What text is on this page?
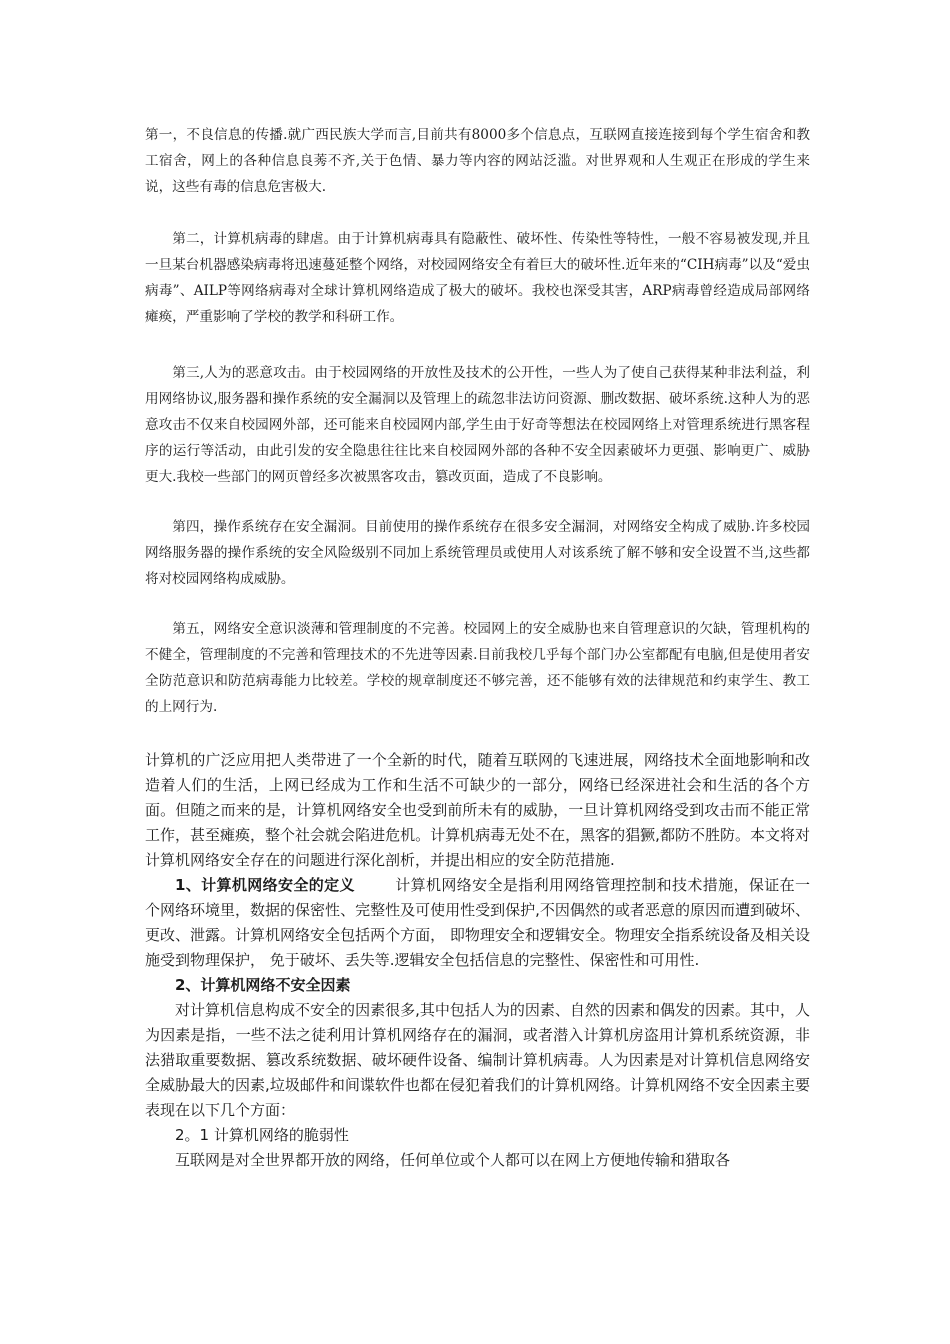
第一，不良信息的传播.就广西民族大学而言,目前共有8000多个信息点，互联网直接连接到每个学生宿舍和教工宿舍，网上的各种信息良莠不齐,关于色情、暴力等内容的网站泛滥。对世界观和人生观正在形成的学生来说，这些有毒的信息危害极大.

第二，计算机病毒的肆虐。由于计算机病毒具有隐蔽性、破坏性、传染性等特性，一般不容易被发现,并且一旦某台机器感染病毒将迅速蔓延整个网络，对校园网络安全有着巨大的破坏性.近年来的“CIH病毒”以及“爱虫病毒”、AILP等网络病毒对全球计算机网络造成了极大的破坏。我校也深受其害，ARP病毒曾经造成局部网络瘫痪，严重影响了学校的教学和科研工作。

第三,人为的恶意攻击。由于校园网络的开放性及技术的公开性，一些人为了使自己获得某种非法利益，利用网络协议,服务器和操作系统的安全漏洞以及管理上的疏忽非法访问资源、删改数据、破坏系统.这种人为的恶意攻击不仅来自校园网外部，还可能来自校园网内部,学生由于好奇等想法在校园网络上对管理系统进行黑客程序的运行等活动，由此引发的安全隐患往往比来自校园网外部的各种不安全因素破坏力更强、影响更广、威胁更大.我校一些部门的网页曾经多次被黑客攻击，篡改页面，造成了不良影响。

第四，操作系统存在安全漏洞。目前使用的操作系统存在很多安全漏洞，对网络安全构成了威胁.许多校园网络服务器的操作系统的安全风险级别不同加上系统管理员或使用人对该系统了解不够和安全设置不当,这些都将对校园网络构成威胁。

第五，网络安全意识淡薄和管理制度的不完善。校园网上的安全威胁也来自管理意识的欠缺，管理机构的不健全，管理制度的不完善和管理技术的不先进等因素.目前我校几乎每个部门办公室都配有电脑,但是使用者安全防范意识和防范病毒能力比较差。学校的规章制度还不够完善，还不能够有效的法律规范和约束学生、教工的上网行为.

计算机的广泛应用把人类带进了一个全新的时代，随着互联网的飞速进展，网络技术全面地影响和改造着人们的生活，上网已经成为工作和生活不可缺少的一部分，网络已经深进社会和生活的各个方面。但随之而来的是，计算机网络安全也受到前所未有的威胁，一旦计算机网络受到攻击而不能正常工作，甚至瘫痪，整个社会就会陷进危机。计算机病毒无处不在，黑客的猖獗,都防不胜防。本文将对计算机网络安全存在的问题进行深化剖析，并提出相应的安全防范措施.

1、计算机网络安全的定义	计算机网络安全是指利用网络管理控制和技术措施，保证在一个网络环境里，数据的保密性、完整性及可使用性受到保护,不因偶然的或者恶意的原因而遭到破坏、更改、泄露。计算机网络安全包括两个方面， 即物理安全和逻辑安全。物理安全指系统设备及相关设施受到物理保护， 免于破坏、丢失等.逻辑安全包括信息的完整性、保密性和可用性.

2、计算机网络不安全因素

对计算机信息构成不安全的因素很多,其中包括人为的因素、自然的因素和偶发的因素。其中，人为因素是指，一些不法之徒利用计算机网络存在的漏洞，或者潜入计算机房盗用计算机系统资源，非法猎取重要数据、篡改系统数据、破坏硬件设备、编制计算机病毒。人为因素是对计算机信息网络安全威胁最大的因素,垃圾邮件和间谍软件也都在侵犯着我们的计算机网络。计算机网络不安全因素主要表现在以下几个方面：

2。1 计算机网络的脆弱性

互联网是对全世界都开放的网络，任何单位或个人都可以在网上方便地传输和猎取各
